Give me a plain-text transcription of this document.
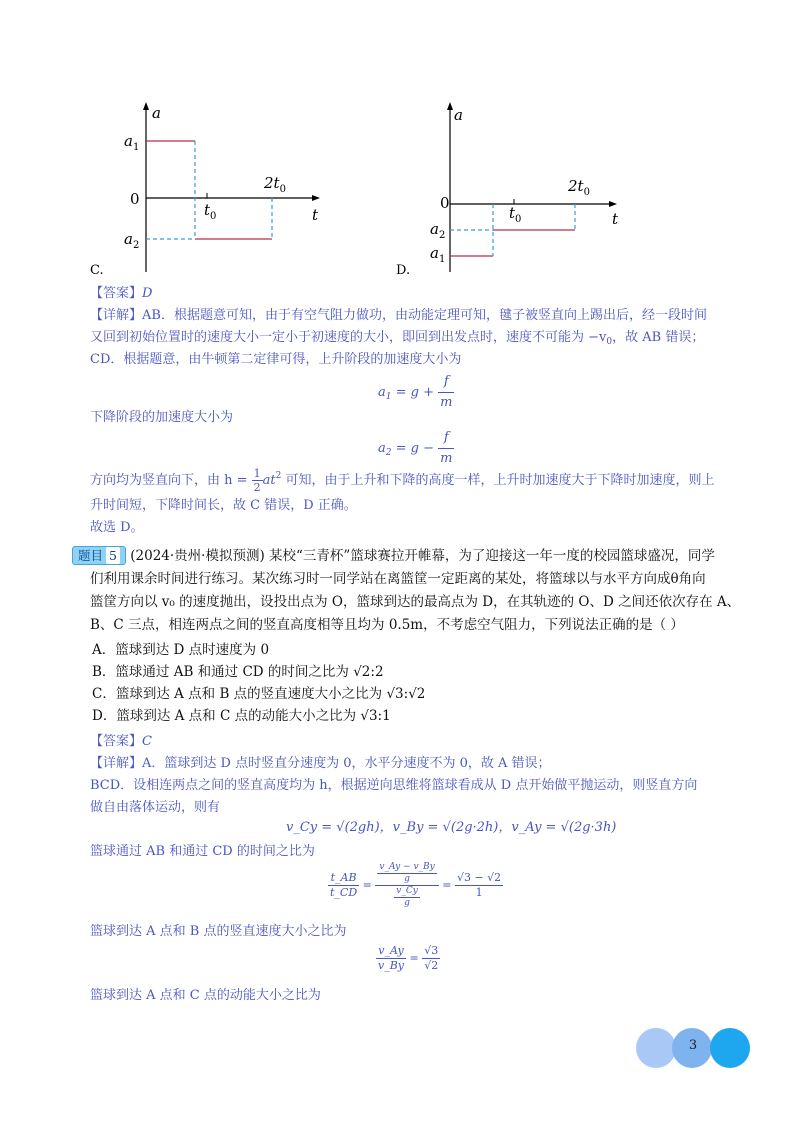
a
0
t
$a_1$
$a_2$
$t_0$
$2t_0$
C.
a
0
t
$a_2$
$a_1$
$t_0$
$2t_0$
D.
【答案】D
【详解】AB．根据题意可知，由于有空气阻力做功，由动能定理可知，毽子被竖直向上踢出后，经一段时间
又回到初始位置时的速度大小一定小于初速度的大小，即回到出发点时，速度不可能为 $-v_0$，故 AB 错误；
CD．根据题意，由牛顿第二定律可得，上升阶段的加速度大小为
$a_1 = g + \frac{f}{m}$
下降阶段的加速度大小为
$a_2 = g - \frac{f}{m}$
方向均为竖直向下，由 $h = \frac{1}{2} at^2$ 可知，由于上升和下降的高度一样，上升时加速度大于下降时加速度，则上
升时间短，下降时间长，故 C 错误，D 正确。
故选 D。
题目 5 (2024·贵州·模拟预测) 某校“三青杯”篮球赛拉开帷幕，为了迎接这一年一度的校园篮球盛况，同学
们利用课余时间进行练习。某次练习时一同学站在离篮筐一定距离的某处，将篮球以与水平方向成θ角向
篮筐方向以 v₀ 的速度抛出，设投出点为 O，篮球到达的最高点为 D，在其轨迹的 O、D 之间还依次存在 A、
B、C 三点，相连两点之间的竖直高度相等且均为 0.5m，不考虑空气阻力，下列说法正确的是（ ）
A．篮球到达 D 点时速度为 0
B．篮球通过 AB 和通过 CD 的时间之比为 √2:2
C．篮球到达 A 点和 B 点的竖直速度大小之比为 √3:√2
D．篮球到达 A 点和 C 点的动能大小之比为 √3:1
【答案】C
【详解】A．篮球到达 D 点时竖直分速度为 0，水平分速度不为 0，故 A 错误；
BCD．设相连两点之间的竖直高度均为 h，根据逆向思维将篮球看成从 D 点开始做平抛运动，则竖直方向
做自由落体运动，则有
v_Cy = √(2gh)，v_By = √(2g·2h)，v_Ay = √(2g·3h)
篮球通过 AB 和通过 CD 的时间之比为
$\frac{t\_AB}{t\_CD} = \frac{\frac{v\_Ay - v\_By}{g}}{\frac{v\_Cy}{g}} = \frac{√3 - √2}{1}$
篮球到达 A 点和 B 点的竖直速度大小之比为
$\frac{v\_Ay}{v\_By} = \frac{√3}{√2}$
篮球到达 A 点和 C 点的动能大小之比为
3
